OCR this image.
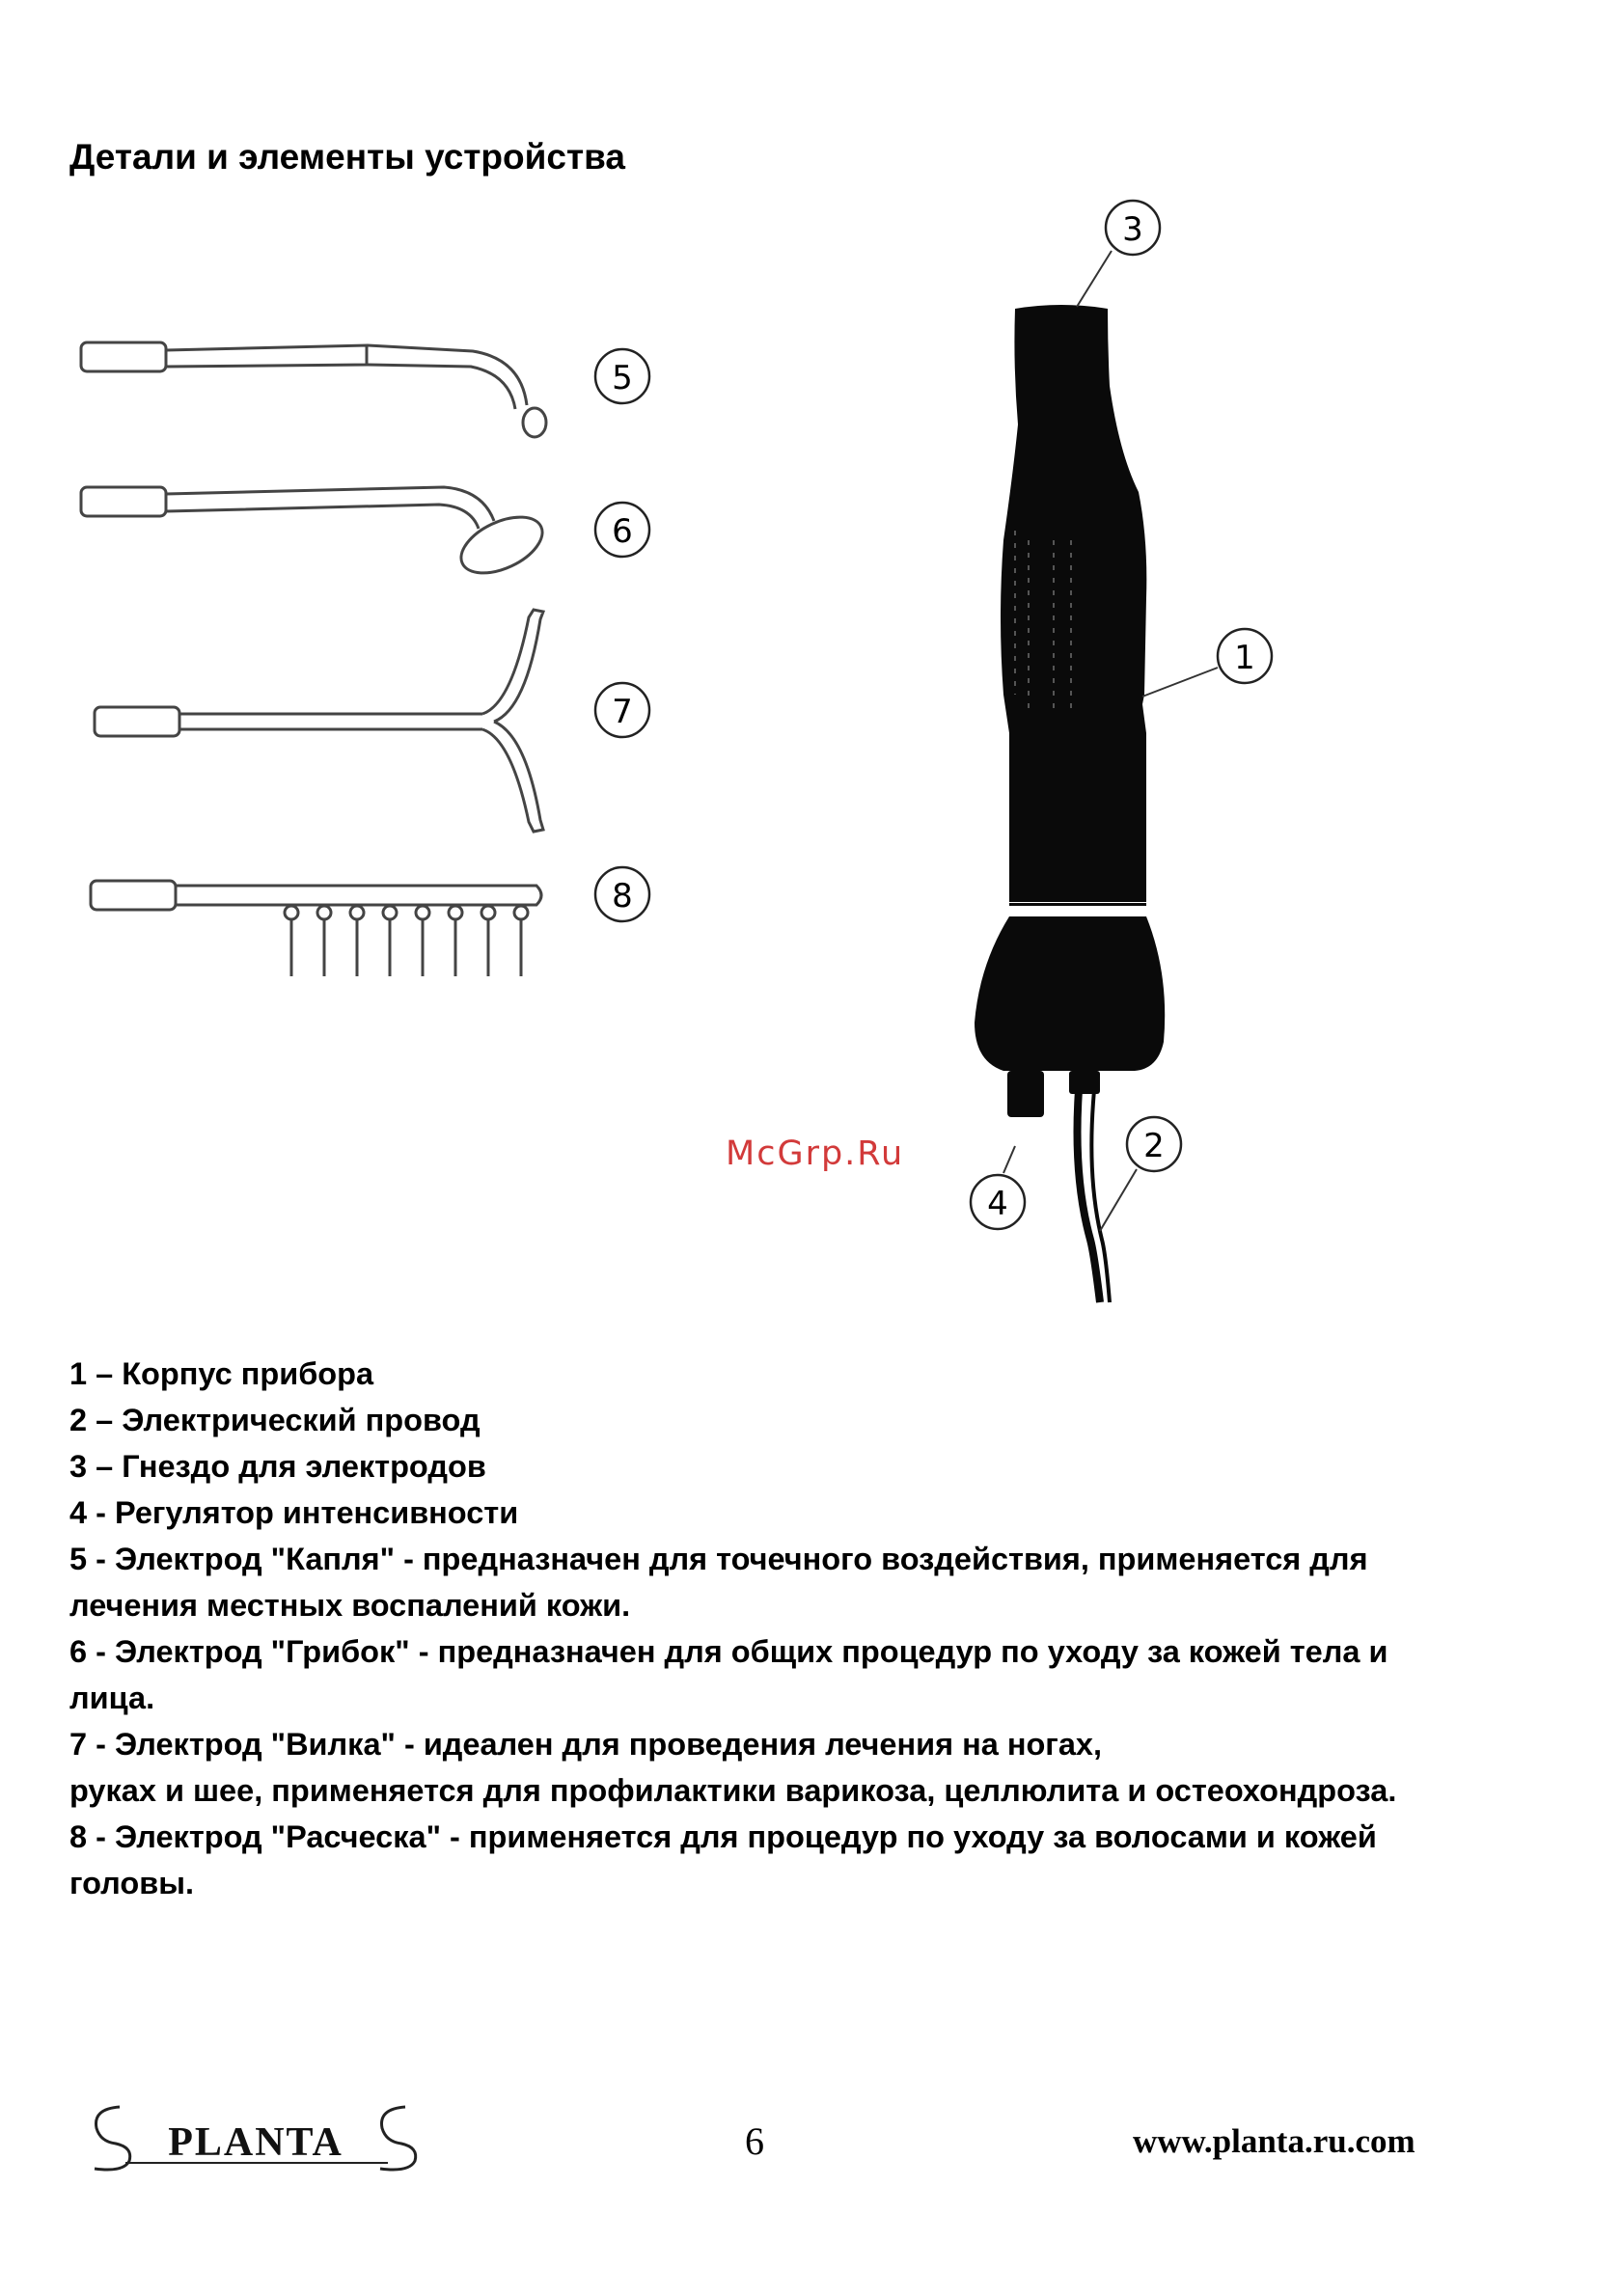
Детали и элементы устройства
1
2
3
4
5
6
7
8
McGrp.Ru
1 – Корпус прибора
2 – Электрический провод
3 – Гнездо для электродов
4 - Регулятор интенсивности
5 - Электрод "Капля" - предназначен для точечного воздействия, применяется для
лечения местных воспалений кожи.
6 - Электрод "Грибок" - предназначен для общих процедур по уходу за кожей тела и
лица.
7 - Электрод "Вилка" - идеален для проведения лечения на ногах,
руках и шее, применяется для профилактики варикоза, целлюлита и остеохондроза.
8 - Электрод "Расческа" - применяется для процедур по уходу за волосами и кожей
головы.
PLANTA	6	www.planta.ru.com
